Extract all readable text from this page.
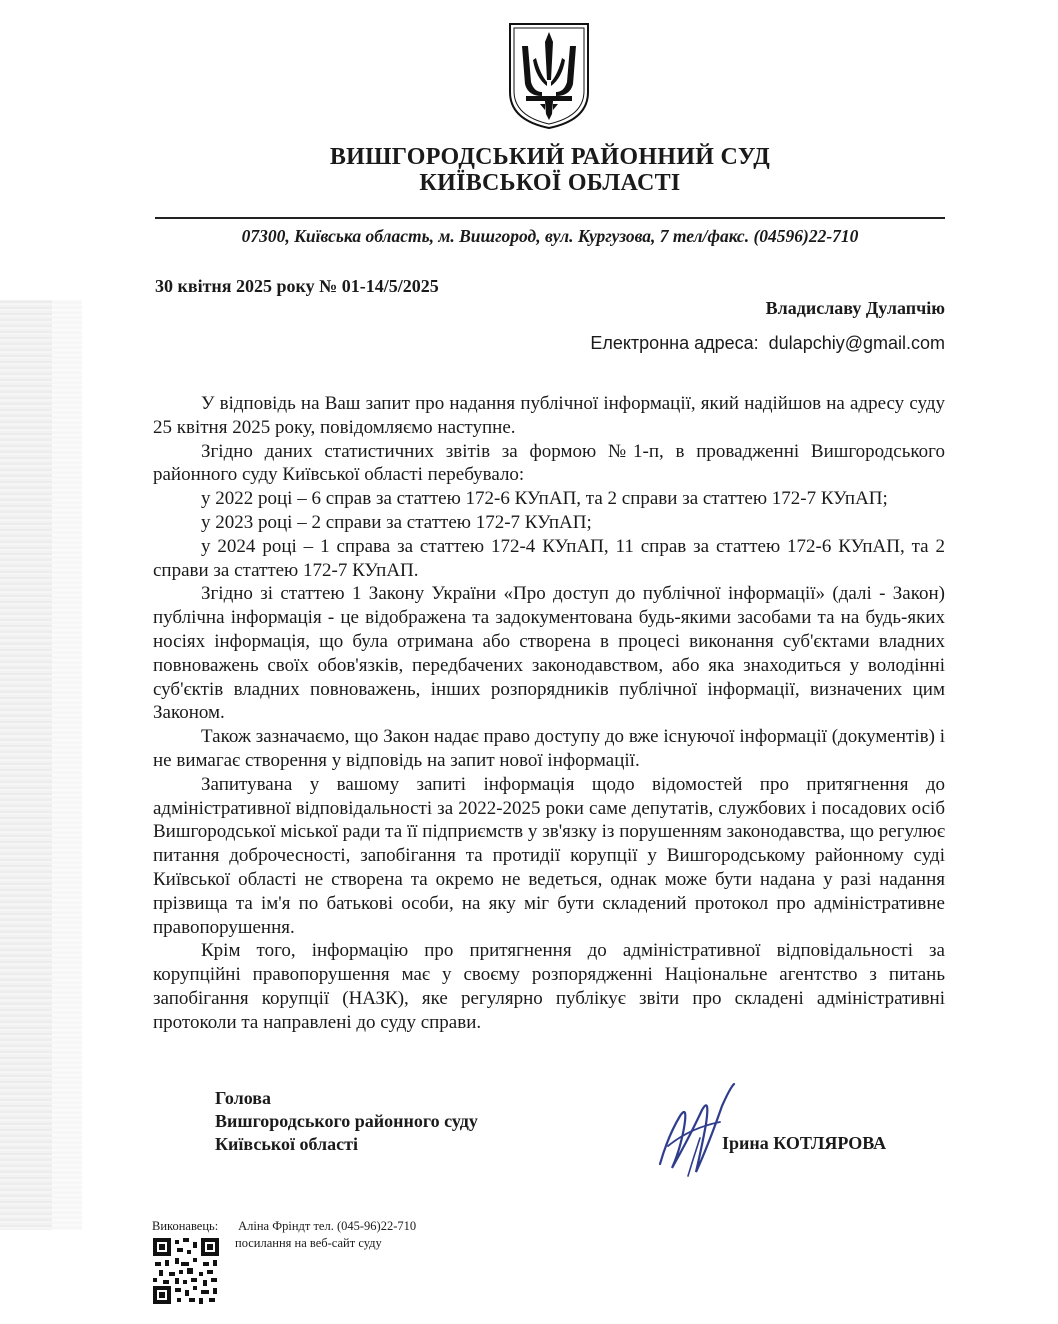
ВИШГОРОДСЬКИЙ РАЙОННИЙ СУД
КИЇВСЬКОЇ ОБЛАСТІ
07300, Київська область, м. Вишгород, вул. Кургузова, 7 тел/факс. (04596)22-710
30 квітня 2025 року № 01-14/5/2025
Владиславу Дулапчію
Електронна адреса: dulapchiy@gmail.com

У відповідь на Ваш запит про надання публічної інформації, який надійшов на адресу суду 25 квітня 2025 року, повідомляємо наступне.

Згідно даних статистичних звітів за формою №1-п, в провадженні Вишгородського районного суду Київської області перебувало:

у 2022 році – 6 справ за статтею 172-6 КУпАП, та 2 справи за статтею 172-7 КУпАП;

у 2023 році – 2 справи за статтею 172-7 КУпАП;

у 2024 році – 1 справа за статтею 172-4 КУпАП, 11 справ за статтею 172-6 КУпАП, та 2 справи за статтею 172-7 КУпАП.

Згідно зі статтею 1 Закону України «Про доступ до публічної інформації» (далі - Закон) публічна інформація - це відображена та задокументована будь-якими засобами та на будь-яких носіях інформація, що була отримана або створена в процесі виконання суб'єктами владних повноважень своїх обов'язків, передбачених законодавством, або яка знаходиться у володінні суб'єктів владних повноважень, інших розпорядників публічної інформації, визначених цим Законом.

Також зазначаємо, що Закон надає право доступу до вже існуючої інформації (документів) і не вимагає створення у відповідь на запит нової інформації.

Запитувана у вашому запиті інформація щодо відомостей про притягнення до адміністративної відповідальності за 2022-2025 роки саме депутатів, службових і посадових осіб Вишгородської міської ради та її підприємств у зв'язку із порушенням законодавства, що регулює питання доброчесності, запобігання та протидії корупції у Вишгородському районному суді Київської області не створена та окремо не ведеться, однак може бути надана у разі надання прізвища та ім'я по батькові особи, на яку міг бути складений протокол про адміністративне правопорушення.

Крім того, інформацію про притягнення до адміністративної відповідальності за корупційні правопорушення має у своєму розпорядженні Національне агентство з питань запобігання корупції (НАЗК), яке регулярно публікує звіти про складені адміністративні протоколи та направлені до суду справи.

Голова
Вишгородського районного суду
Київської області	Ірина КОТЛЯРОВА
Виконавець: Аліна Фріндт тел. (045-96)22-710
посилання на веб-сайт суду
